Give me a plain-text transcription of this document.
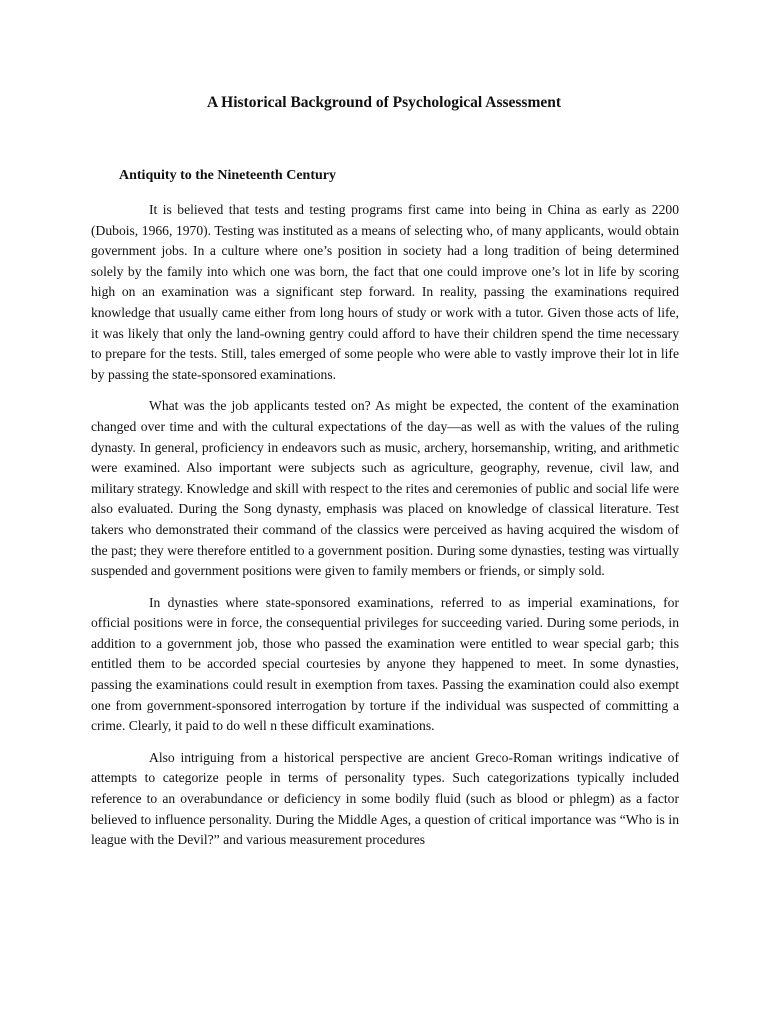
A Historical Background of Psychological Assessment
Antiquity to the Nineteenth Century

It is believed that tests and testing programs first came into being in China as early as 2200 (Dubois, 1966, 1970). Testing was instituted as a means of selecting who, of many applicants, would obtain government jobs. In a culture where one’s position in society had a long tradition of being determined solely by the family into which one was born, the fact that one could improve one’s lot in life by scoring high on an examination was a significant step forward. In reality, passing the examinations required knowledge that usually came either from long hours of study or work with a tutor. Given those acts of life, it was likely that only the land-owning gentry could afford to have their children spend the time necessary to prepare for the tests. Still, tales emerged of some people who were able to vastly improve their lot in life by passing the state-sponsored examinations.

What was the job applicants tested on? As might be expected, the content of the examination changed over time and with the cultural expectations of the day—as well as with the values of the ruling dynasty. In general, proficiency in endeavors such as music, archery, horsemanship, writing, and arithmetic were examined. Also important were subjects such as agriculture, geography, revenue, civil law, and military strategy. Knowledge and skill with respect to the rites and ceremonies of public and social life were also evaluated. During the Song dynasty, emphasis was placed on knowledge of classical literature. Test takers who demonstrated their command of the classics were perceived as having acquired the wisdom of the past; they were therefore entitled to a government position. During some dynasties, testing was virtually suspended and government positions were given to family members or friends, or simply sold.

In dynasties where state-sponsored examinations, referred to as imperial examinations, for official positions were in force, the consequential privileges for succeeding varied. During some periods, in addition to a government job, those who passed the examination were entitled to wear special garb; this entitled them to be accorded special courtesies by anyone they happened to meet. In some dynasties, passing the examinations could result in exemption from taxes. Passing the examination could also exempt one from government-sponsored interrogation by torture if the individual was suspected of committing a crime. Clearly, it paid to do well n these difficult examinations.

Also intriguing from a historical perspective are ancient Greco-Roman writings indicative of attempts to categorize people in terms of personality types. Such categorizations typically included reference to an overabundance or deficiency in some bodily fluid (such as blood or phlegm) as a factor believed to influence personality. During the Middle Ages, a question of critical importance was “Who is in league with the Devil?” and various measurement procedures
